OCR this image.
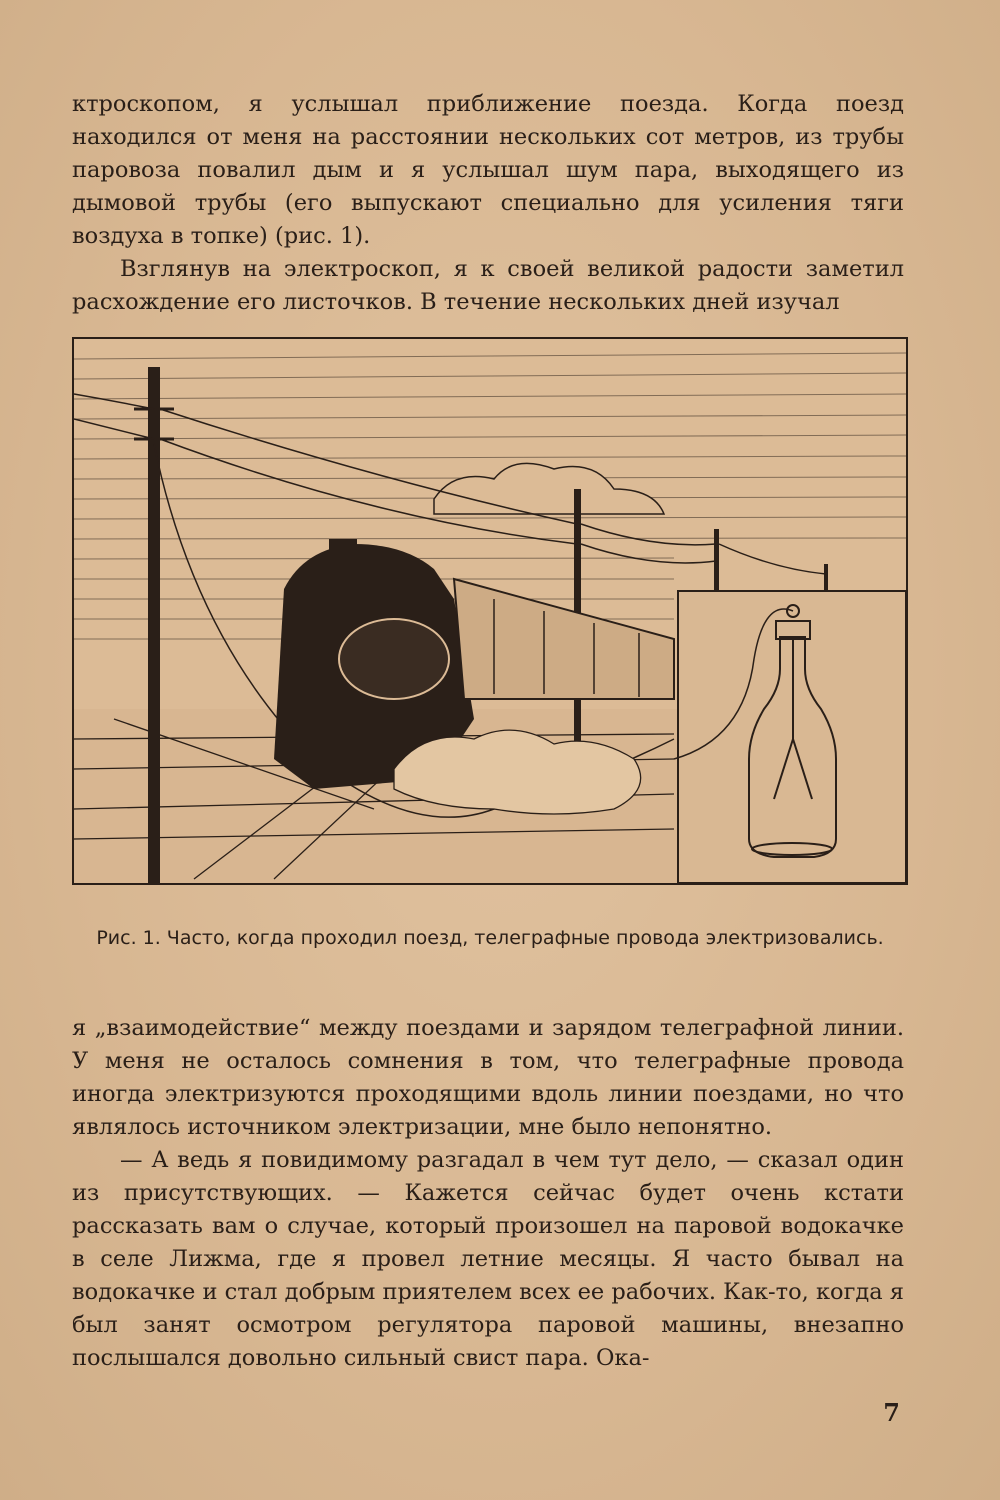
ктроскопом, я услышал приближение поезда. Когда поезд находился от меня на расстоянии нескольких сот метров, из трубы паровоза повалил дым и я услышал шум пара, выходящего из дымовой трубы (его выпускают специально для усиления тяги воздуха в топке) (рис. 1).

Взглянув на электроскоп, я к своей великой радости заметил расхождение его листочков. В течение нескольких дней изучал

Рис. 1. Часто, когда проходил поезд, телеграфные провода электризовались.

я „взаимодействие“ между поездами и зарядом телеграфной линии. У меня не осталось сомнения в том, что телеграфные провода иногда электризуются проходящими вдоль линии поездами, но что являлось источником электризации, мне было непонятно.

— А ведь я повидимому разгадал в чем тут дело, — сказал один из присутствующих. — Кажется сейчас будет очень кстати рассказать вам о случае, который произошел на паровой водокачке в селе Лижма, где я провел летние месяцы. Я часто бывал на водокачке и стал добрым приятелем всех ее рабочих. Как-то, когда я был занят осмотром регулятора паровой машины, внезапно послышался довольно сильный свист пара. Ока-

7
